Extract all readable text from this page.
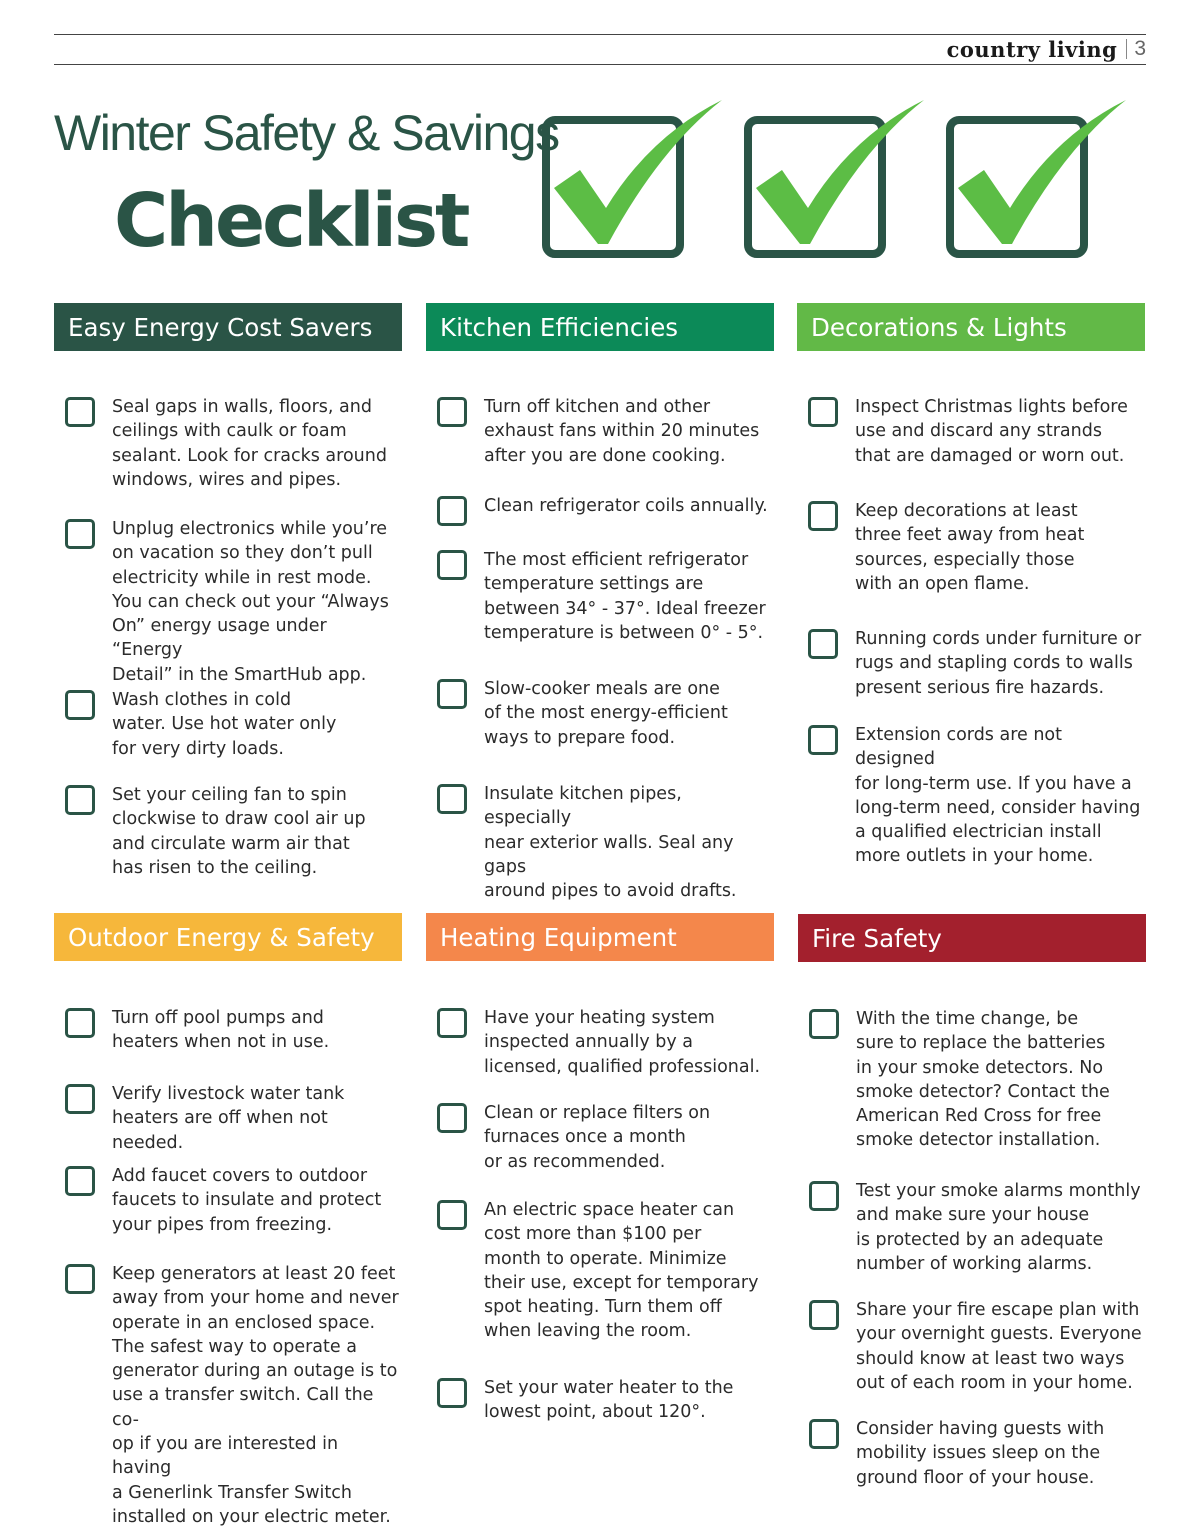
country living 3
Winter Safety & Savings
Checklist
Easy Energy Cost Savers
Seal gaps in walls, floors, and
ceilings with caulk or foam
sealant. Look for cracks around
windows, wires and pipes.
Unplug electronics while you’re
on vacation so they don’t pull
electricity while in rest mode.
You can check out your “Always
On” energy usage under “Energy
Detail” in the SmartHub app.
Wash clothes in cold
water. Use hot water only
for very dirty loads.
Set your ceiling fan to spin
clockwise to draw cool air up
and circulate warm air that
has risen to the ceiling.
Kitchen Efficiencies
Turn off kitchen and other
exhaust fans within 20 minutes
after you are done cooking.
Clean refrigerator coils annually.
The most efficient refrigerator
temperature settings are
between 34° - 37°. Ideal freezer
temperature is between 0° - 5°.
Slow-cooker meals are one
of the most energy-efficient
ways to prepare food.
Insulate kitchen pipes, especially
near exterior walls. Seal any gaps
around pipes to avoid drafts.
Decorations & Lights
Inspect Christmas lights before
use and discard any strands
that are damaged or worn out.
Keep decorations at least
three feet away from heat
sources, especially those
with an open flame.
Running cords under furniture or
rugs and stapling cords to walls
present serious fire hazards.
Extension cords are not designed
for long-term use. If you have a
long-term need, consider having
a qualified electrician install
more outlets in your home.
Outdoor Energy & Safety
Turn off pool pumps and
heaters when not in use.
Verify livestock water tank
heaters are off when not needed.
Add faucet covers to outdoor
faucets to insulate and protect
your pipes from freezing.
Keep generators at least 20 feet
away from your home and never
operate in an enclosed space.
The safest way to operate a
generator during an outage is to
use a transfer switch. Call the co-
op if you are interested in having
a Generlink Transfer Switch
installed on your electric meter.
Heating Equipment
Have your heating system
inspected annually by a
licensed, qualified professional.
Clean or replace filters on
furnaces once a month
or as recommended.
An electric space heater can
cost more than $100 per
month to operate. Minimize
their use, except for temporary
spot heating. Turn them off
when leaving the room.
Set your water heater to the
lowest point, about 120°.
Fire Safety
With the time change, be
sure to replace the batteries
in your smoke detectors. No
smoke detector? Contact the
American Red Cross for free
smoke detector installation.
Test your smoke alarms monthly
and make sure your house
is protected by an adequate
number of working alarms.
Share your fire escape plan with
your overnight guests. Everyone
should know at least two ways
out of each room in your home.
Consider having guests with
mobility issues sleep on the
ground floor of your house.
